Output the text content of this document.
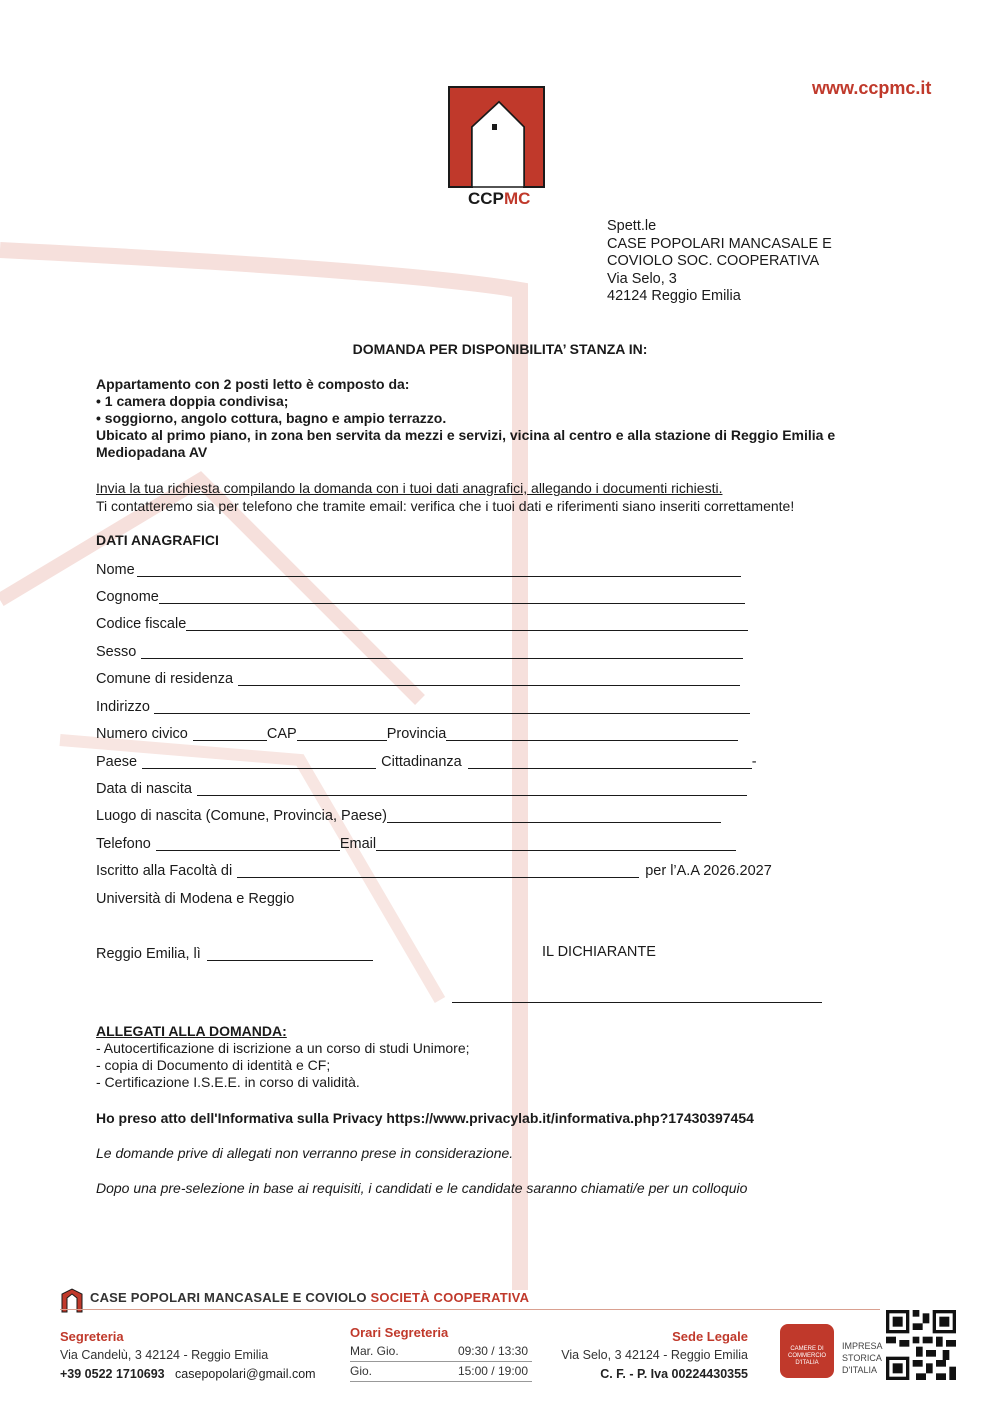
www.ccpmc.it
CCP MC
Spett.le
CASE POPOLARI MANCASALE E
COVIOLO SOC. COOPERATIVA
Via Selo, 3
42124 Reggio Emilia
DOMANDA PER DISPONIBILITA’ STANZA IN:
Appartamento con 2 posti letto è composto da:
• 1 camera doppia condivisa;
• soggiorno, angolo cottura, bagno e ampio terrazzo.
Ubicato al primo piano, in zona ben servita da mezzi e servizi, vicina al centro e alla stazione di Reggio Emilia e Mediopadana AV
Invia la tua richiesta compilando la domanda con i tuoi dati anagrafici, allegando i documenti richiesti.
Ti contatteremo sia per telefono che tramite email: verifica che i tuoi dati e riferimenti siano inseriti correttamente!
DATI ANAGRAFICI
Nome
Cognome
Codice fiscale
Sesso
Comune di residenza
Indirizzo
Numero civico	CAP	Provincia
Paese	Cittadinanza	-
Data di nascita
Luogo di nascita (Comune, Provincia, Paese)
Telefono	Email
Iscritto alla Facoltà di	per l’A.A 2026.2027
Università di Modena e Reggio
Reggio Emilia, lì	IL DICHIARANTE
ALLEGATI ALLA DOMANDA:
- Autocertificazione di iscrizione a un corso di studi Unimore;
- copia di Documento di identità e CF;
- Certificazione I.S.E.E. in corso di validità.
Ho preso atto dell'Informativa sulla Privacy https://www.privacylab.it/informativa.php?17430397454
Le domande prive di allegati non verranno prese in considerazione.
Dopo una pre-selezione in base ai requisiti, i candidati e le candidate saranno chiamati/e per un colloquio
CASE POPOLARI MANCASALE E COVIOLO SOCIETÀ COOPERATIVA
Segreteria
Via Candelù, 3 42124 - Reggio Emilia
+39 0522 1710693 casepopolari@gmail.com
Orari Segreteria
Mar. Gio.	09:30 / 13:30
Gio.	15:00 / 19:00
Sede Legale
Via Selo, 3 42124 - Reggio Emilia
C. F. - P. Iva 00224430355
CAMERE DI COMMERCIO D'ITALIA
IMPRESA
STORICA
D'ITALIA
